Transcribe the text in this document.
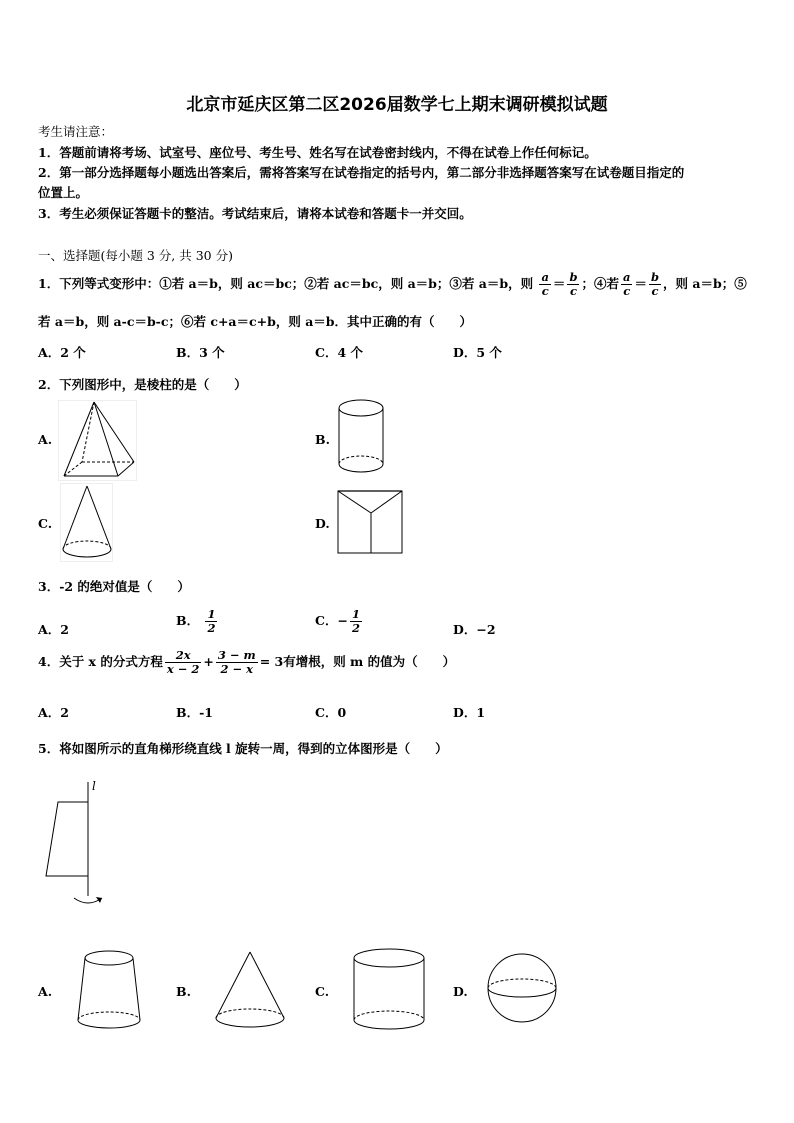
北京市延庆区第二区2026届数学七上期末调研模拟试题
考生请注意：
1．答题前请将考场、试室号、座位号、考生号、姓名写在试卷密封线内，不得在试卷上作任何标记。
2．第一部分选择题每小题选出答案后，需将答案写在试卷指定的括号内，第二部分非选择题答案写在试卷题目指定的
位置上。
3．考生必须保证答题卡的整洁。考试结束后，请将本试卷和答题卡一并交回。
一、选择题(每小题 3 分, 共 30 分)
1．下列等式变形中：①若 a＝b，则 ac＝bc；②若 ac＝bc，则 a＝b；③若 a＝b，则 $\frac{a}{c} = \frac{b}{c}$ ；④若 $\frac{a}{c} = \frac{b}{c}$ ，则 a＝b；⑤
若 a＝b，则 a-c＝b-c；⑥若 c+a＝c+b，则 a＝b．其中正确的有（　　）
A．2 个	B．3 个	C．4 个	D．5 个
2．下列图形中，是棱柱的是（　　）
A.	B.
C.	D.
3．-2 的绝对值是（　　）
A．2
B． $\frac{1}{2}$	C．− $\frac{1}{2}$	D．−2
4．关于 x 的分式方程 $\frac{2x}{x - 2} + \frac{3 - m}{2 - x} = 3$有增根，则 m 的值为（　　）
A．2	B．-1	C．0	D．1
5．将如图所示的直角梯形绕直线 l 旋转一周，得到的立体图形是（　　）
l
A.	B.	C.	D.
